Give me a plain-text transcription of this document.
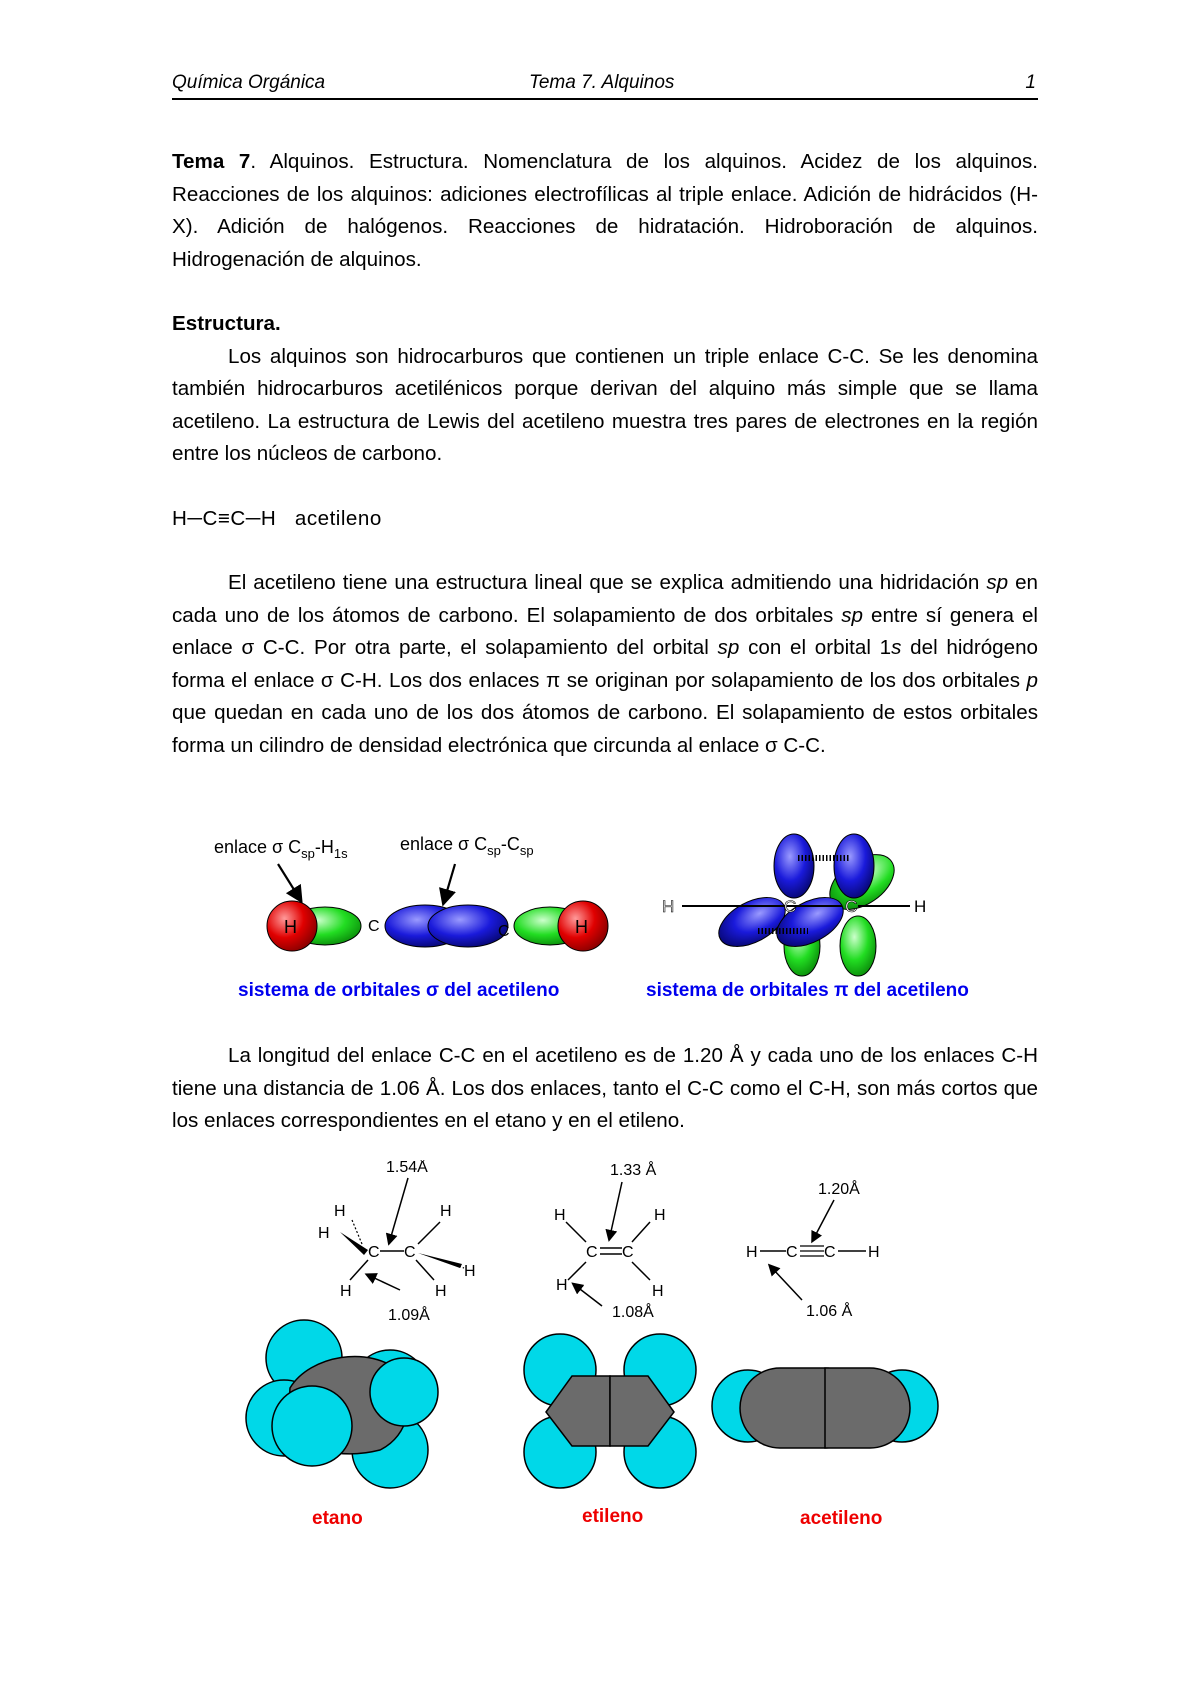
Química Orgánica	Tema 7. Alquinos	1

Tema 7. Alquinos. Estructura. Nomenclatura de los alquinos. Acidez de los alquinos. Reacciones de los alquinos: adiciones electrofílicas al triple enlace. Adición de hidrácidos (H-X). Adición de halógenos. Reacciones de hidratación. Hidroboración de alquinos. Hidrogenación de alquinos.

Estructura.

Los alquinos son hidrocarburos que contienen un triple enlace C-C. Se les denomina también hidrocarburos acetilénicos porque derivan del alquino más simple que se llama acetileno. La estructura de Lewis del acetileno muestra tres pares de electrones en la región entre los núcleos de carbono.

H─C≡C─H acetileno

El acetileno tiene una estructura lineal que se explica admitiendo una hidridación sp en cada uno de los átomos de carbono. El solapamiento de dos orbitales sp entre sí genera el enlace σ C-C. Por otra parte, el solapamiento del orbital sp con el orbital 1s del hidrógeno forma el enlace σ C-H. Los dos enlaces π se originan por solapamiento de los dos orbitales p que quedan en cada uno de los dos átomos de carbono. El solapamiento de estos orbitales forma un cilindro de densidad electrónica que circunda al enlace σ C-C.

enlace σ $C_{sp}-H_{1s}$	enlace σ $C_{sp}-C_{sp}$
H	C	C	H
sistema de orbitales σ del acetileno
H	C	C	H
sistema de orbitales π del acetileno

La longitud del enlace C-C en el acetileno es de 1.20 Å y cada uno de los enlaces C-H tiene una distancia de 1.06 Å. Los dos enlaces, tanto el C-C como el C-H, son más cortos que los enlaces correspondientes en el etano y en el etileno.

1.54Å
H	H
H
C C
H
H	H
1.09Å
1.33 Å
H	H
C C
H	H
1.08Å
1.20Å
H C C H
1.06 Å
etano	etileno	acetileno
